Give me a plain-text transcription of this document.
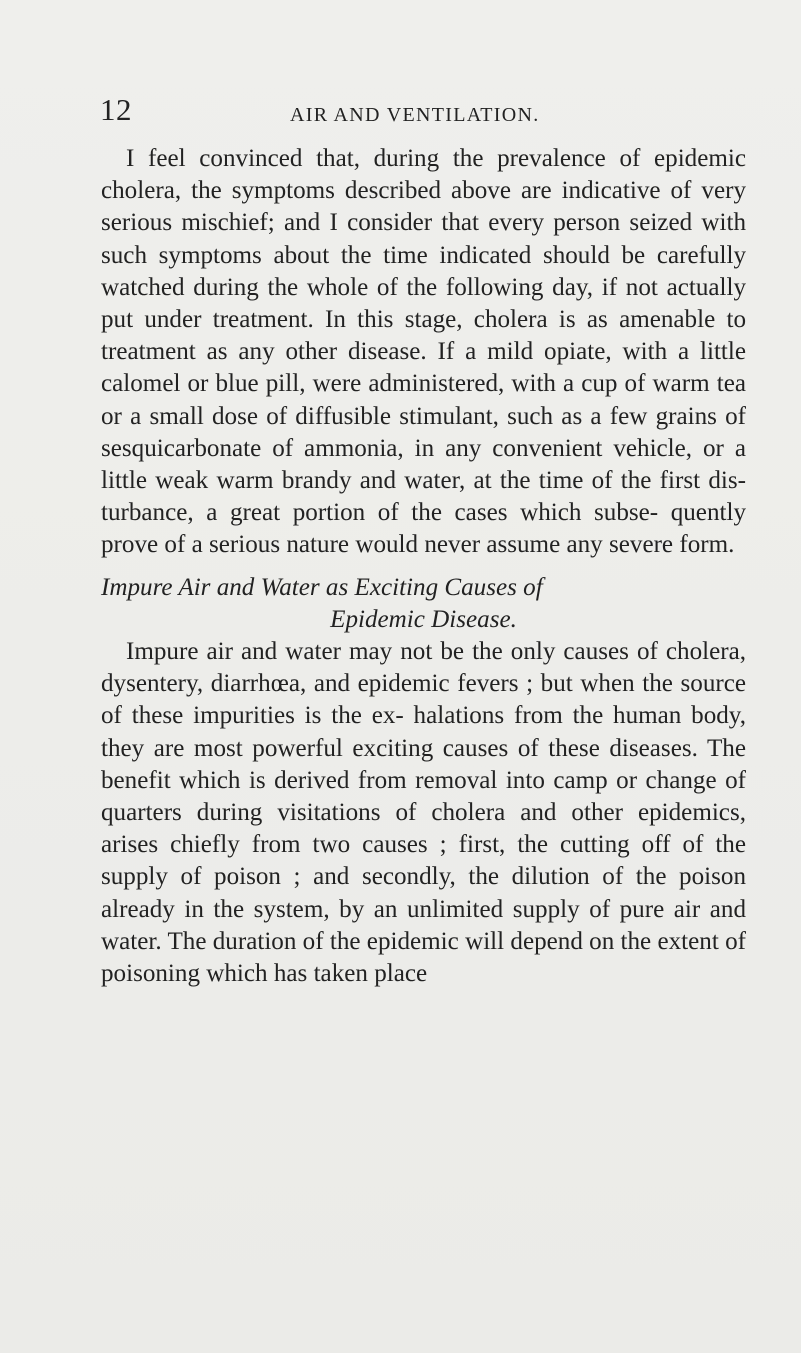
12	AIR AND VENTILATION.

I feel convinced that, during the prevalence of epidemic cholera, the symptoms described above are indicative of very serious mischief; and I consider that every person seized with such symptoms about the time indicated should be carefully watched during the whole of the following day, if not actually put under treatment. In this stage, cholera is as amenable to treatment as any other disease. If a mild opiate, with a little calomel or blue pill, were administered, with a cup of warm tea or a small dose of diffusible stimulant, such as a few grains of sesquicarbonate of ammonia, in any convenient vehicle, or a little weak warm brandy and water, at the time of the first dis- turbance, a great portion of the cases which subse- quently prove of a serious nature would never assume any severe form.

Impure Air and Water as Exciting Causes of
Epidemic Disease.

Impure air and water may not be the only causes of cholera, dysentery, diarrhœa, and epidemic fevers ; but when the source of these impurities is the ex- halations from the human body, they are most powerful exciting causes of these diseases. The benefit which is derived from removal into camp or change of quarters during visitations of cholera and other epidemics, arises chiefly from two causes ; first, the cutting off of the supply of poison ; and secondly, the dilution of the poison already in the system, by an unlimited supply of pure air and water. The duration of the epidemic will depend on the extent of poisoning which has taken place
